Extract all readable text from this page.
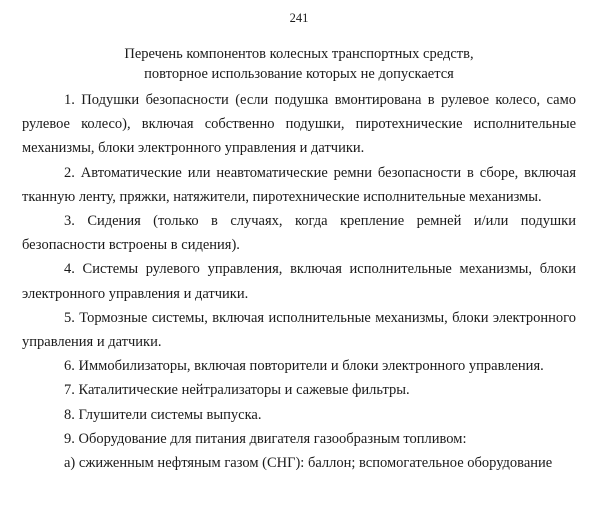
241
Перечень компонентов колесных транспортных средств,
повторное использование которых не допускается

1. Подушки безопасности (если подушка вмонтирована в рулевое колесо, само рулевое колесо), включая собственно подушки, пиротехнические исполнительные механизмы, блоки электронного управления и датчики.

2. Автоматические или неавтоматические ремни безопасности в сборе, включая тканную ленту, пряжки, натяжители, пиротехнические исполнительные механизмы.

3. Сидения (только в случаях, когда крепление ремней и/или подушки безопасности встроены в сидения).

4. Системы рулевого управления, включая исполнительные механизмы, блоки электронного управления и датчики.

5. Тормозные системы, включая исполнительные механизмы, блоки электронного управления и датчики.

6. Иммобилизаторы, включая повторители и блоки электронного управления.

7. Каталитические нейтрализаторы и сажевые фильтры.

8. Глушители системы выпуска.

9. Оборудование для питания двигателя газообразным топливом:

а) сжиженным нефтяным газом (СНГ): баллон; вспомогательное оборудование
